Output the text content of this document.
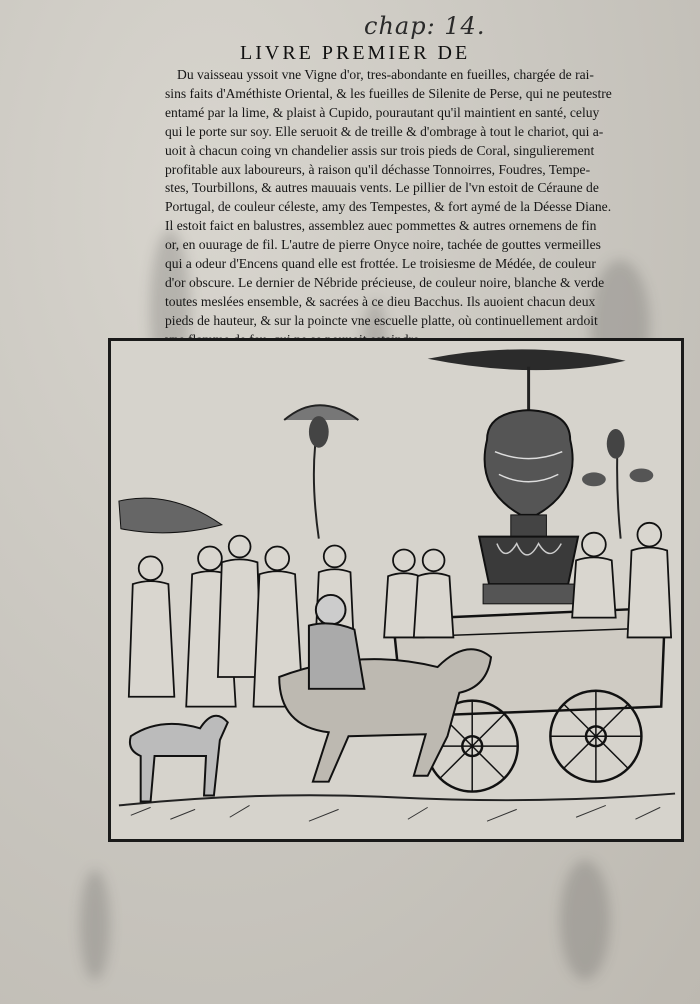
chap: 14.
LIVRE PREMIER DE
Du vaisseau yssoit vne Vigne d'or, tres-abondante en fueilles, chargée de rai-
sins faits d'Améthiste Oriental, & les fueilles de Silenite de Perse, qui ne peutestre
entamé par la lime, & plaist à Cupido, pourautant qu'il maintient en santé, celuy
qui le porte sur soy. Elle seruoit & de treille & d'ombrage à tout le chariot, qui a-
uoit à chacun coing vn chandelier assis sur trois pieds de Coral, singulierement
profitable aux laboureurs, à raison qu'il déchasse Tonnoirres, Foudres, Tempe-
stes, Tourbillons, & autres mauuais vents. Le pillier de l'vn estoit de Céraune de
Portugal, de couleur céleste, amy des Tempestes, & fort aymé de la Déesse Diane.
Il estoit faict en balustres, assemblez auec pommettes & autres ornemens de fin
or, en ouurage de fil. L'autre de pierre Onyce noire, tachée de gouttes vermeilles
qui a odeur d'Encens quand elle est frottée. Le troisiesme de Médée, de couleur
d'or obscure. Le dernier de Nébride précieuse, de couleur noire, blanche & verde
toutes meslées ensemble, & sacrées à ce dieu Bacchus. Ils auoient chacun deux
pieds de hauteur, & sur la poincte vne escuelle platte, où continuellement ardoit
